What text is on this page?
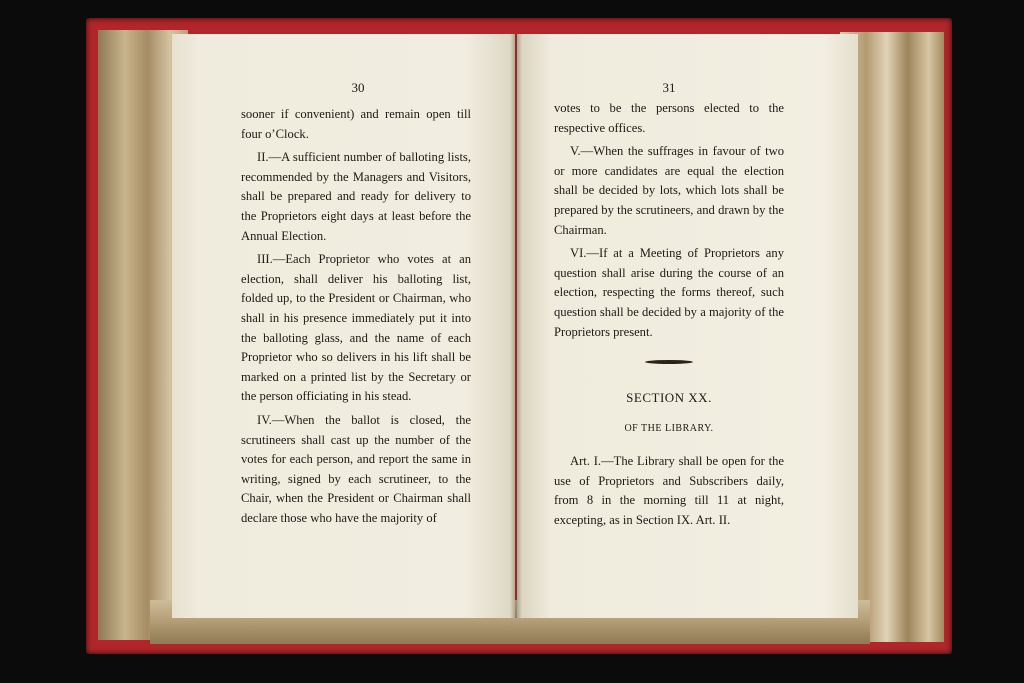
30

sooner if convenient) and remain open till four o’Clock.

II.—A sufficient number of balloting lists, recommended by the Managers and Visitors, shall be prepared and ready for delivery to the Proprietors eight days at least before the Annual Election.

III.—Each Proprietor who votes at an election, shall deliver his balloting list, folded up, to the President or Chairman, who shall in his presence immediately put it into the balloting glass, and the name of each Proprietor who so delivers in his lift shall be marked on a printed list by the Secretary or the person officiating in his stead.

IV.—When the ballot is closed, the scrutineers shall cast up the number of the votes for each person, and report the same in writing, signed by each scrutineer, to the Chair, when the President or Chairman shall declare those who have the majority of

31

votes to be the persons elected to the respective offices.

V.—When the suffrages in favour of two or more candidates are equal the election shall be decided by lots, which lots shall be prepared by the scrutineers, and drawn by the Chairman.

VI.—If at a Meeting of Proprietors any question shall arise during the course of an election, respecting the forms thereof, such question shall be decided by a majority of the Proprietors present.

SECTION XX.
OF THE LIBRARY.

Art. I.—The Library shall be open for the use of Proprietors and Subscribers daily, from 8 in the morning till 11 at night, excepting, as in Section IX. Art. II.
